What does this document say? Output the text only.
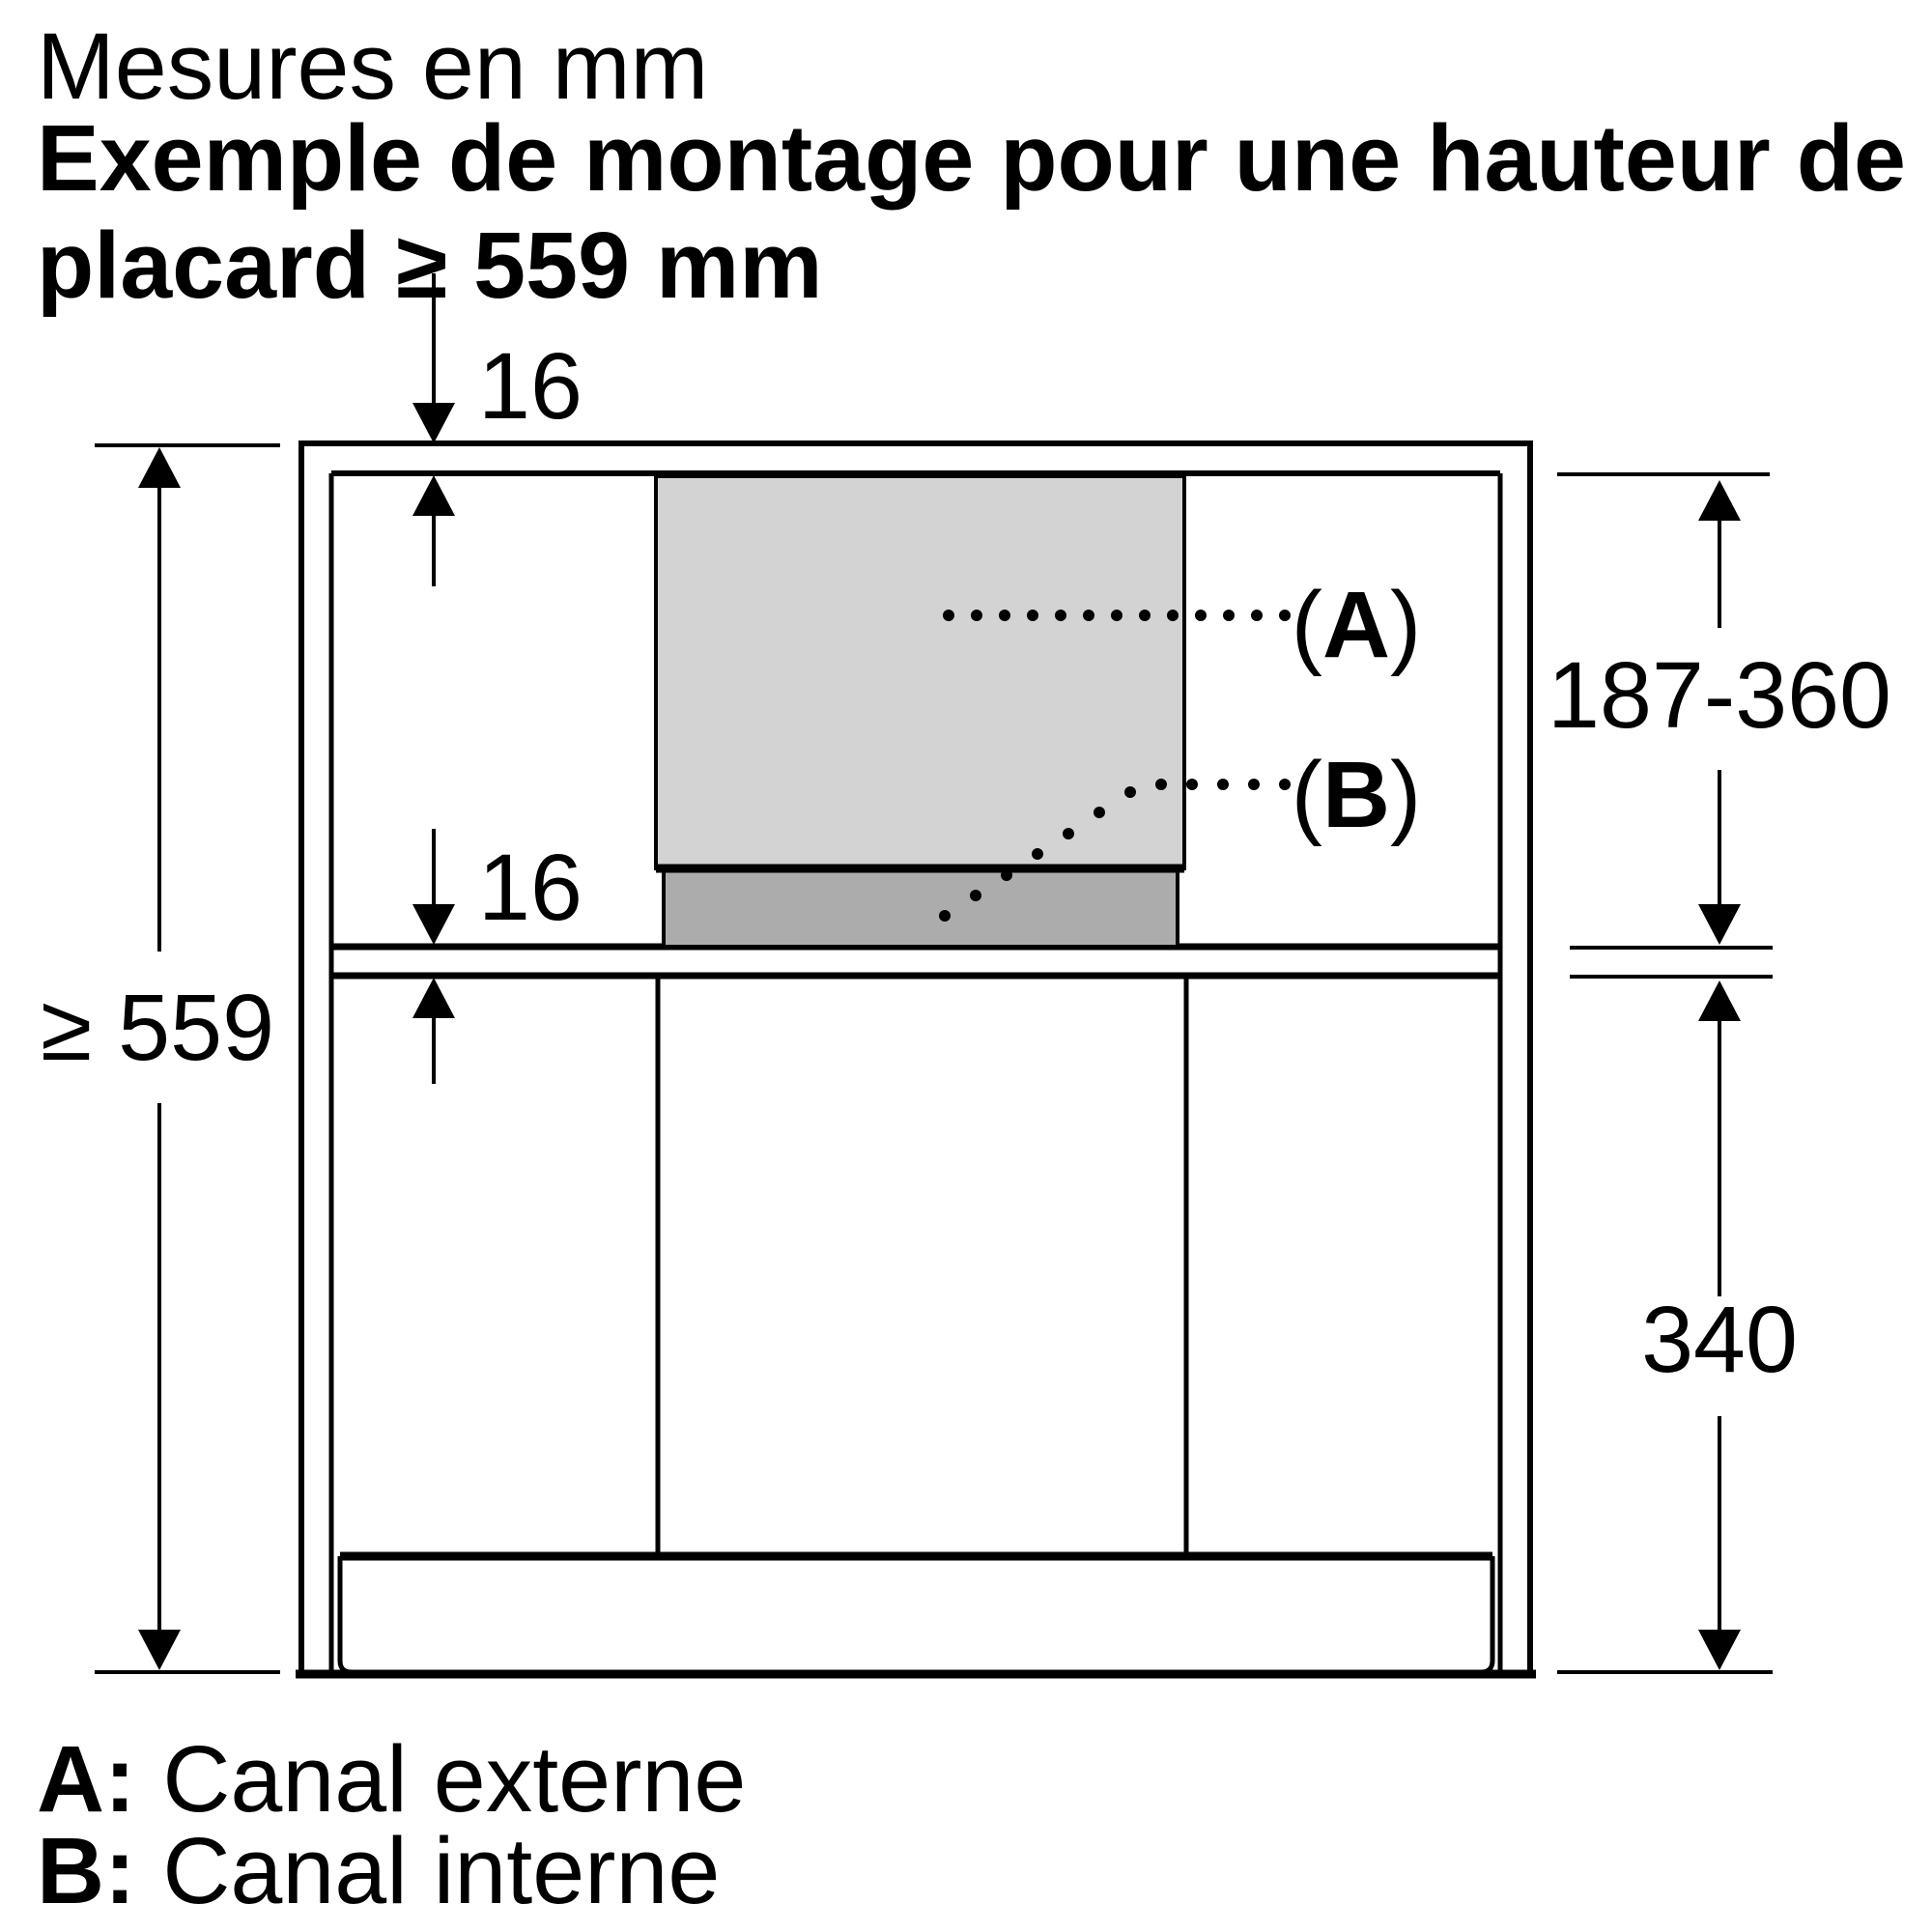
Mesures en mm
Exemple de montage pour une hauteur de
placard ≥ 559 mm
16
16
≥ 559
187-360
340
(A)
(B)
A: Canal externe
B: Canal interne
